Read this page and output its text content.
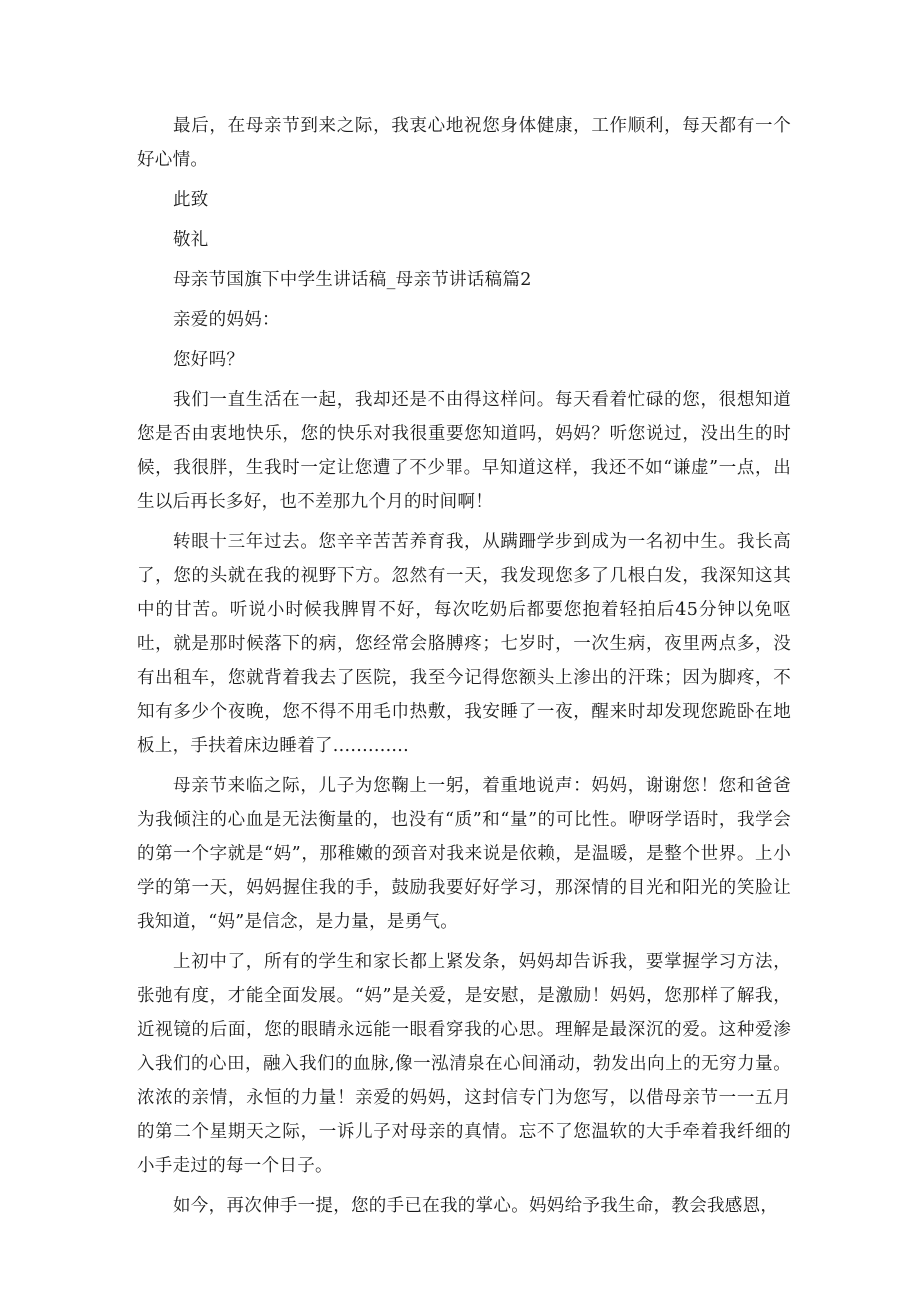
最后，在母亲节到来之际，我衷心地祝您身体健康，工作顺利，每天都有一个好心情。

此致

敬礼

母亲节国旗下中学生讲话稿_母亲节讲话稿篇2

亲爱的妈妈：

您好吗？

我们一直生活在一起，我却还是不由得这样问。每天看着忙碌的您，很想知道您是否由衷地快乐，您的快乐对我很重要您知道吗，妈妈？听您说过，没出生的时候，我很胖，生我时一定让您遭了不少罪。早知道这样，我还不如“谦虚”一点，出生以后再长多好，也不差那九个月的时间啊！

转眼十三年过去。您辛辛苦苦养育我，从蹒跚学步到成为一名初中生。我长高了，您的头就在我的视野下方。忽然有一天，我发现您多了几根白发，我深知这其中的甘苦。听说小时候我脾胃不好，每次吃奶后都要您抱着轻拍后45分钟以免呕吐，就是那时候落下的病，您经常会胳膊疼；七岁时，一次生病，夜里两点多，没有出租车，您就背着我去了医院，我至今记得您额头上渗出的汗珠；因为脚疼，不知有多少个夜晚，您不得不用毛巾热敷，我安睡了一夜，醒来时却发现您跪卧在地板上，手扶着床边睡着了.............

母亲节来临之际，儿子为您鞠上一躬，着重地说声：妈妈，谢谢您！您和爸爸为我倾注的心血是无法衡量的，也没有“质”和“量”的可比性。咿呀学语时，我学会的第一个字就是“妈”，那稚嫩的颈音对我来说是依赖，是温暖，是整个世界。上小学的第一天，妈妈握住我的手，鼓励我要好好学习，那深情的目光和阳光的笑脸让我知道，“妈”是信念，是力量，是勇气。

上初中了，所有的学生和家长都上紧发条，妈妈却告诉我，要掌握学习方法，张弛有度，才能全面发展。“妈”是关爱，是安慰，是激励！妈妈，您那样了解我，近视镜的后面，您的眼睛永远能一眼看穿我的心思。理解是最深沉的爱。这种爱渗入我们的心田，融入我们的血脉,像一泓清泉在心间涌动，勃发出向上的无穷力量。浓浓的亲情，永恒的力量！亲爱的妈妈，这封信专门为您写，以借母亲节一一五月的第二个星期天之际，一诉儿子对母亲的真情。忘不了您温软的大手牵着我纤细的小手走过的每一个日子。

如今，再次伸手一提，您的手已在我的掌心。妈妈给予我生命，教会我感恩，
